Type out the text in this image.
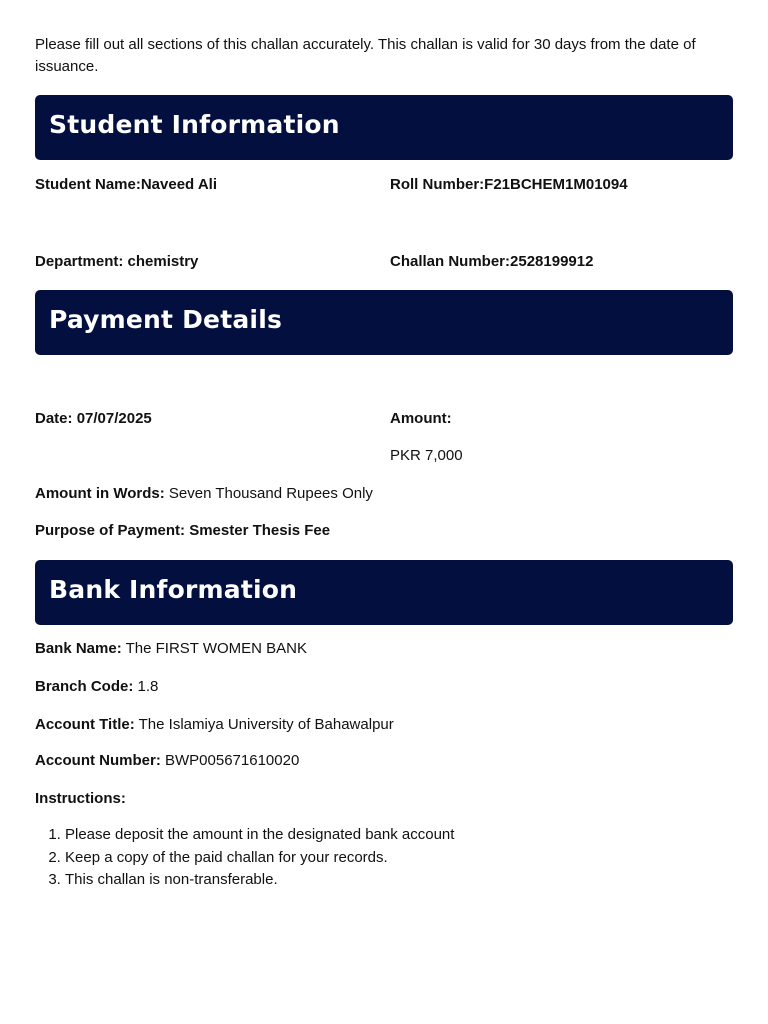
Please fill out all sections of this challan accurately. This challan is valid for 30 days from the date of issuance.
Student Information
Student Name:Naveed Ali	Roll Number:F21BCHEM1M01094
Department: chemistry	Challan Number:2528199912
Payment Details
Date: 07/07/2025	Amount:
PKR 7,000
Amount in Words: Seven Thousand Rupees Only
Purpose of Payment: Smester Thesis Fee
Bank Information
Bank Name: The FIRST WOMEN BANK
Branch Code: 1.8
Account Title: The Islamiya University of Bahawalpur
Account Number: BWP005671610020
Instructions:
1. Please deposit the amount in the designated bank account
2. Keep a copy of the paid challan for your records.
3. This challan is non-transferable.
